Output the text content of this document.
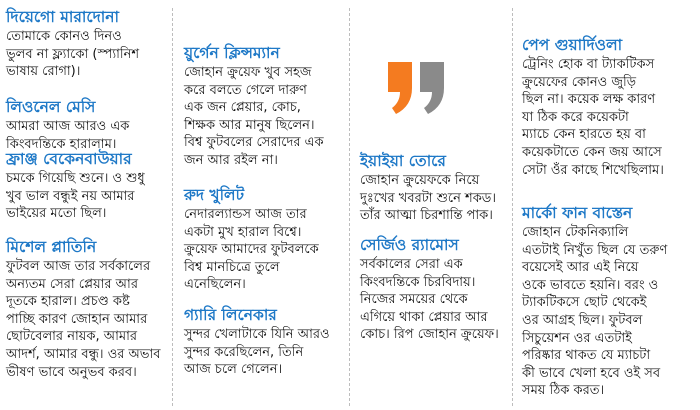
দিয়েগো মারাদোনা
তোমাকে কোনও দিনও
ভুলব না ফ্ল্যাকো (স্প্যানিশ
ভাষায় রোগা)।
লিওনেল মেসি
আমরা আজ আরও এক
কিংবদন্তিকে হারালাম।
ফ্রাঞ্জ বেকেনবাউয়ার
চমকে গিয়েছি শুনে। ও শুধু
খুব ভাল বন্ধুই নয় আমার
ভাইয়ের মতো ছিল।
মিশেল প্লাতিনি
ফুটবল আজ তার সর্বকালের
অন্যতম সেরা প্লেয়ার আর
দূতকে হারাল। প্রচণ্ড কষ্ট
পাচ্ছি কারণ জোহান আমার
ছোটবেলার নায়ক, আমার
আদর্শ, আমার বন্ধু। ওর অভাব
ভীষণ ভাবে অনুভব করব।
য়ুর্গেন ক্লিন্সম্যান
জোহান ক্রুয়েফ খুব সহজ
করে বলতে গেলে দারুণ
এক জন প্লেয়ার, কোচ,
শিক্ষক আর মানুষ ছিলেন।
বিশ্ব ফুটবলের সেরাদের এক
জন আর রইল না।
রুদ খুলিট
নেদারল্যান্ডস আজ তার
একটা মুখ হারাল বিশ্বে।
ক্রুয়েফ আমাদের ফুটবলকে
বিশ্ব মানচিত্রে তুলে
এনেছিলেন।
গ্যারি লিনেকার
সুন্দর খেলাটাকে যিনি আরও
সুন্দর করেছিলেন, তিনি
আজ চলে গেলেন।
ইয়াইয়া তোরে
জোহান ক্রুয়েফকে নিয়ে
দুঃখের খবরটা শুনে শকড।
তাঁর আত্মা চিরশান্তি পাক।
সের্জিও র‍্যামোস
সর্বকালের সেরা এক
কিংবদন্তিকে চিরবিদায়।
নিজের সময়ের থেকে
এগিয়ে থাকা প্লেয়ার আর
কোচ। রিপ জোহান ক্রুয়েফ।
পেপ গুয়ার্দিওলা
ট্রেনিং হোক বা ট্যাকটিকস
ক্রুয়েফের কোনও জুড়ি
ছিল না। কয়েক লক্ষ কারণ
যা ঠিক করে কয়েকটা
ম্যাচে কেন হারতে হয় বা
কয়েকটাতে কেন জয় আসে
সেটা ওঁর কাছে শিখেছিলাম।
মার্কো ফান বাস্তেন
জোহান টেকনিক্যালি
এতটাই নিখুঁত ছিল যে তরুণ
বয়েসেই আর এই নিয়ে
ওকে ভাবতে হয়নি। বরং ও
ট্যাকটিকসে ছোট থেকেই
ওর আগ্রহ ছিল। ফুটবল
সিচুয়েশন ওর এতটাই
পরিষ্কার থাকত যে ম্যাচটা
কী ভাবে খেলা হবে ওই সব
সময় ঠিক করত।
